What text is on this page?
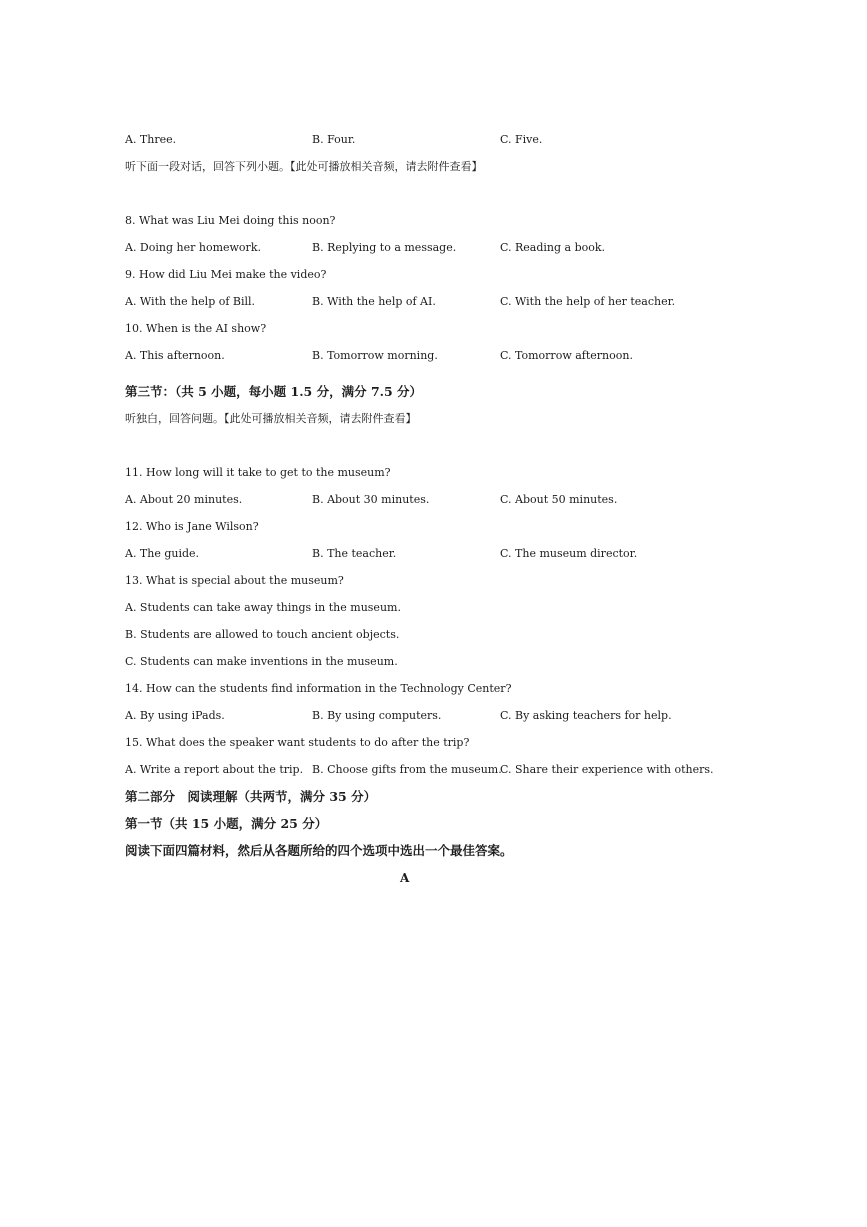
A. Three.	B. Four.	C. Five.
听下面一段对话，回答下列小题。【此处可播放相关音频，请去附件查看】
8. What was Liu Mei doing this noon?
A. Doing her homework.	B. Replying to a message.	C. Reading a book.
9. How did Liu Mei make the video?
A. With the help of Bill.	B. With the help of AI.	C. With the help of her teacher.
10. When is the AI show?
A. This afternoon.	B. Tomorrow morning.	C. Tomorrow afternoon.
第三节：（共 5 小题，每小题 1.5 分，满分 7.5 分）
听独白，回答问题。【此处可播放相关音频，请去附件查看】
11. How long will it take to get to the museum?
A. About 20 minutes.	B. About 30 minutes.	C. About 50 minutes.
12. Who is Jane Wilson?
A. The guide.	B. The teacher.	C. The museum director.
13. What is special about the museum?
A. Students can take away things in the museum.
B. Students are allowed to touch ancient objects.
C. Students can make inventions in the museum.
14. How can the students find information in the Technology Center?
A. By using iPads.	B. By using computers.	C. By asking teachers for help.
15. What does the speaker want students to do after the trip?
A. Write a report about the trip. B. Choose gifts from the museum.
C. Share their experience with others.
第二部分　阅读理解（共两节，满分 35 分）
第一节（共 15 小题，满分 25 分）
阅读下面四篇材料，然后从各题所给的四个选项中选出一个最佳答案。
A
